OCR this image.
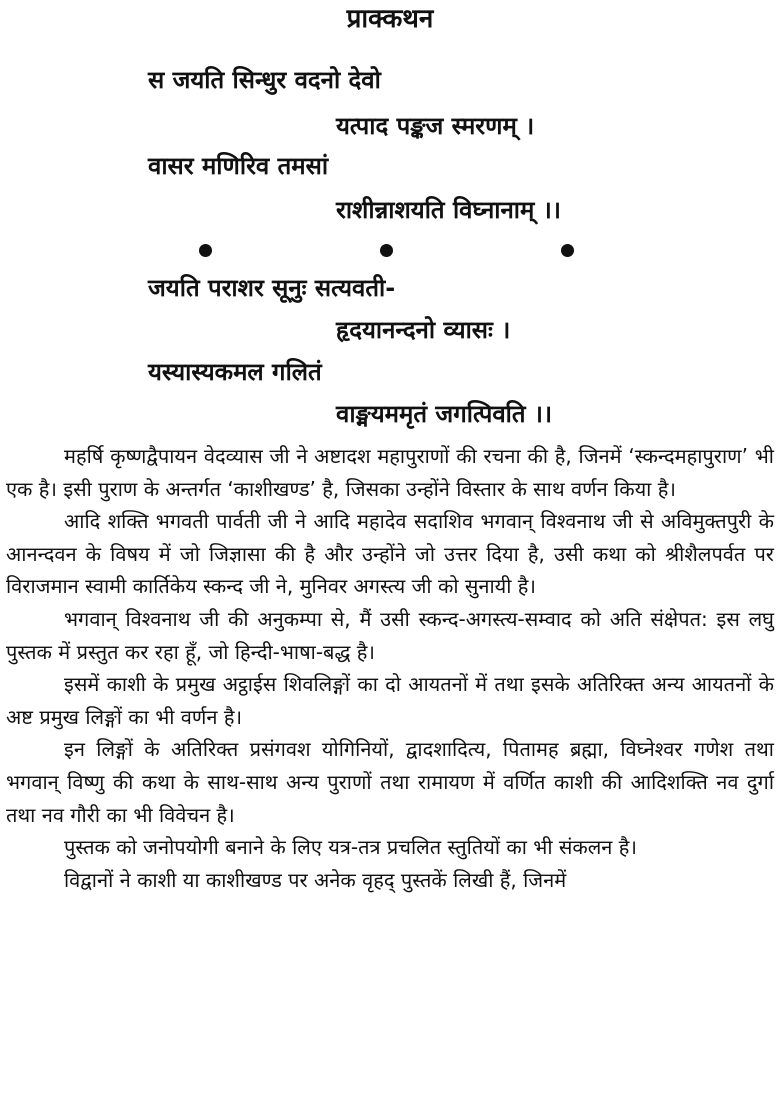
प्राक्कथन
स जयति सिन्धुर वदनो देवो
यत्पाद पङ्कज स्मरणम् ।
वासर मणिरिव तमसां
राशीन्नाशयति विघ्नानाम् ।।
जयति पराशर सूनुः सत्यवती-
हृदयानन्दनो व्यासः ।
यस्यास्यकमल गलितं
वाङ्मयममृतं जगत्पिवति ।।

महर्षि कृष्णद्वैपायन वेदव्यास जी ने अष्टादश महापुराणों की रचना की है, जिनमें ‘स्कन्दमहापुराण’ भी एक है। इसी पुराण के अन्तर्गत ‘काशीखण्ड’ है, जिसका उन्होंने विस्तार के साथ वर्णन किया है।

आदि शक्ति भगवती पार्वती जी ने आदि महादेव सदाशिव भगवान् विश्वनाथ जी से अविमुक्तपुरी के आनन्दवन के विषय में जो जिज्ञासा की है और उन्होंने जो उत्तर दिया है, उसी कथा को श्रीशैलपर्वत पर विराजमान स्वामी कार्तिकेय स्कन्द जी ने, मुनिवर अगस्त्य जी को सुनायी है।

भगवान् विश्वनाथ जी की अनुकम्पा से, मैं उसी स्कन्द-अगस्त्य-सम्वाद को अति संक्षेपत: इस लघु पुस्तक में प्रस्तुत कर रहा हूँ, जो हिन्दी-भाषा-बद्ध है।

इसमें काशी के प्रमुख अट्ठाईस शिवलिङ्गों का दो आयतनों में तथा इसके अतिरिक्त अन्य आयतनों के अष्ट प्रमुख लिङ्गों का भी वर्णन है।

इन लिङ्गों के अतिरिक्त प्रसंगवश योगिनियों, द्वादशादित्य, पितामह ब्रह्मा, विघ्नेश्वर गणेश तथा भगवान् विष्णु की कथा के साथ-साथ अन्य पुराणों तथा रामायण में वर्णित काशी की आदिशक्ति नव दुर्गा तथा नव गौरी का भी विवेचन है।

पुस्तक को जनोपयोगी बनाने के लिए यत्र-तत्र प्रचलित स्तुतियों का भी संकलन है।

विद्वानों ने काशी या काशीखण्ड पर अनेक वृहद् पुस्तकें लिखी हैं, जिनमें
